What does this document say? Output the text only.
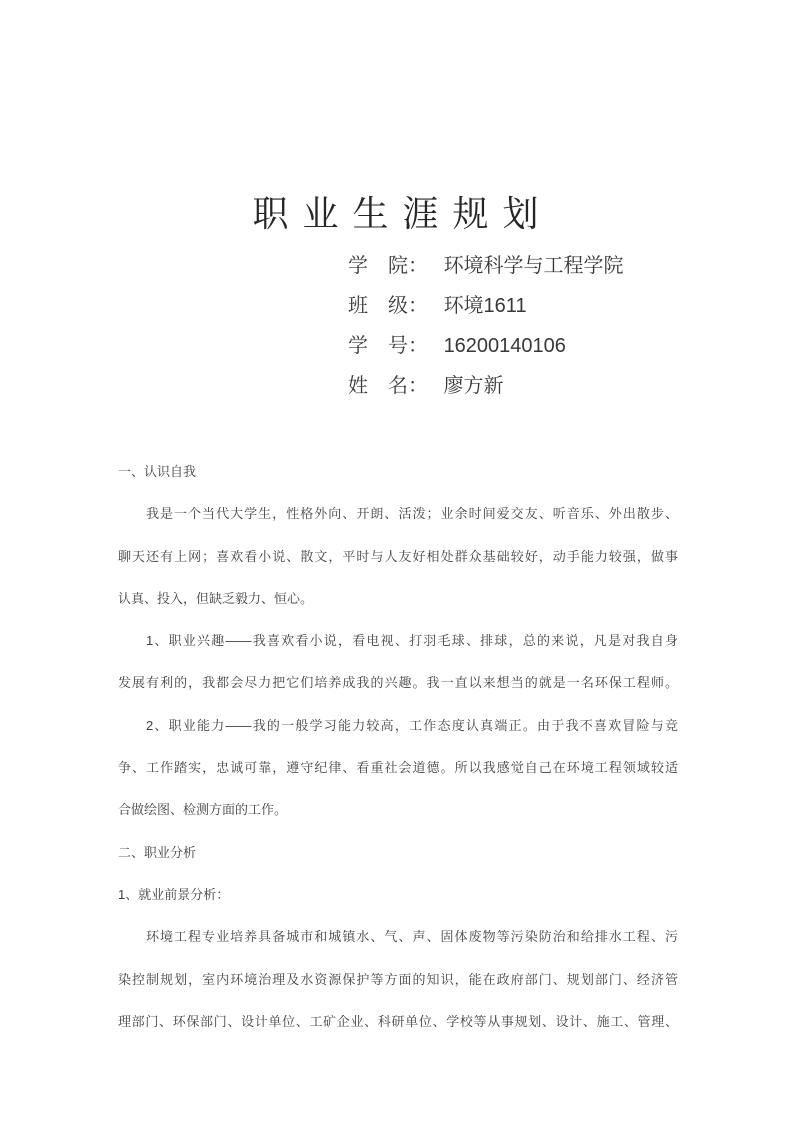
职 业 生 涯 规 划
学　院： 环境科学与工程学院
班　级： 环境1611
学　号： 16200140106
姓　名： 廖方新
一、认识自我
我是一个当代大学生，性格外向、开朗、活泼；业余时间爱交友、听音乐、外出散步、
聊天还有上网；喜欢看小说、散文，平时与人友好相处群众基础较好，动手能力较强，做事
认真、投入，但缺乏毅力、恒心。
1、职业兴趣——我喜欢看小说，看电视、打羽毛球、排球，总的来说，凡是对我自身
发展有利的，我都会尽力把它们培养成我的兴趣。我一直以来想当的就是一名环保工程师。
2、职业能力——我的一般学习能力较高，工作态度认真端正。由于我不喜欢冒险与竞
争、工作踏实，忠诚可靠，遵守纪律、看重社会道德。所以我感觉自己在环境工程领域较适
合做绘图、检测方面的工作。
二、职业分析
1、就业前景分析：
环境工程专业培养具备城市和城镇水、气、声、固体废物等污染防治和给排水工程、污
染控制规划，室内环境治理及水资源保护等方面的知识，能在政府部门、规划部门、经济管
理部门、环保部门、设计单位、工矿企业、科研单位、学校等从事规划、设计、施工、管理、
